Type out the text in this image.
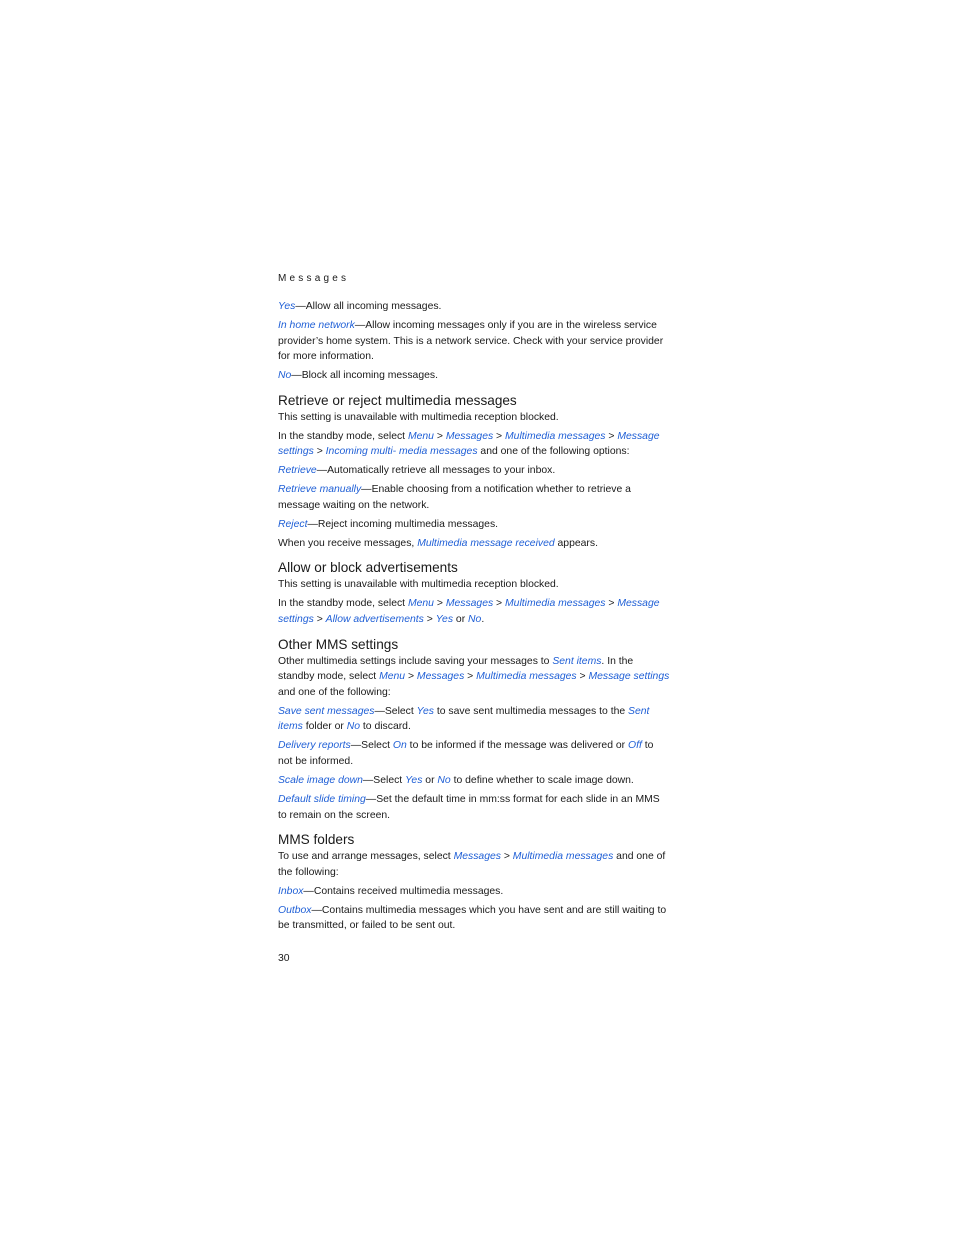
Messages

Yes—Allow all incoming messages.

In home network—Allow incoming messages only if you are in the wireless service provider’s home system. This is a network service. Check with your service provider for more information.

No—Block all incoming messages.

Retrieve or reject multimedia messages

This setting is unavailable with multimedia reception blocked.

In the standby mode, select Menu > Messages > Multimedia messages > Message settings > Incoming multi- media messages and one of the following options:

Retrieve—Automatically retrieve all messages to your inbox.

Retrieve manually—Enable choosing from a notification whether to retrieve a message waiting on the network.

Reject—Reject incoming multimedia messages.

When you receive messages, Multimedia message received appears.

Allow or block advertisements

This setting is unavailable with multimedia reception blocked.

In the standby mode, select Menu > Messages > Multimedia messages > Message settings > Allow advertisements > Yes or No.

Other MMS settings

Other multimedia settings include saving your messages to Sent items. In the standby mode, select Menu > Messages > Multimedia messages > Message settings and one of the following:

Save sent messages—Select Yes to save sent multimedia messages to the Sent items folder or No to discard.

Delivery reports—Select On to be informed if the message was delivered or Off to not be informed.

Scale image down—Select Yes or No to define whether to scale image down.

Default slide timing—Set the default time in mm:ss format for each slide in an MMS to remain on the screen.

MMS folders

To use and arrange messages, select Messages > Multimedia messages and one of the following:

Inbox—Contains received multimedia messages.

Outbox—Contains multimedia messages which you have sent and are still waiting to be transmitted, or failed to be sent out.

30
